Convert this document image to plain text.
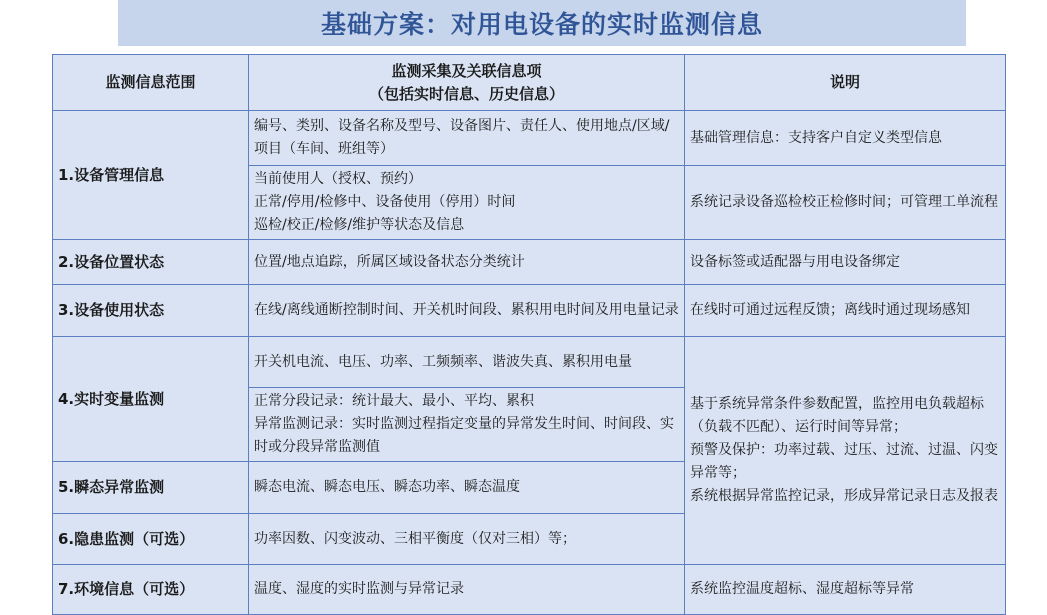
基础方案：对用电设备的实时监测信息
监测信息范围	监测采集及关联信息项
（包括实时信息、历史信息）	说明
1.设备管理信息	编号、类别、设备名称及型号、设备图片、责任人、使用地点/区域/项目（车间、班组等）	基础管理信息：支持客户自定义类型信息
	当前使用人（授权、预约）
正常/停用/检修中、设备使用（停用）时间
巡检/校正/检修/维护等状态及信息	系统记录设备巡检校正检修时间；可管理工单流程
2.设备位置状态	位置/地点追踪，所属区域设备状态分类统计	设备标签或适配器与用电设备绑定
3.设备使用状态	在线/离线通断控制时间、开关机时间段、累积用电时间及用电量记录	在线时可通过远程反馈；离线时通过现场感知
4.实时变量监测	开关机电流、电压、功率、工频频率、谐波失真、累积用电量	基于系统异常条件参数配置，监控用电负载超标（负载不匹配）、运行时间等异常；
预警及保护：功率过载、过压、过流、过温、闪变异常等；
系统根据异常监控记录，形成异常记录日志及报表
	正常分段记录：统计最大、最小、平均、累积
异常监测记录：实时监测过程指定变量的异常发生时间、时间段、实时或分段异常监测值	
5.瞬态异常监测	瞬态电流、瞬态电压、瞬态功率、瞬态温度	
6.隐患监测（可选）	功率因数、闪变波动、三相平衡度（仅对三相）等；	
7.环境信息（可选）	温度、湿度的实时监测与异常记录	系统监控温度超标、湿度超标等异常
